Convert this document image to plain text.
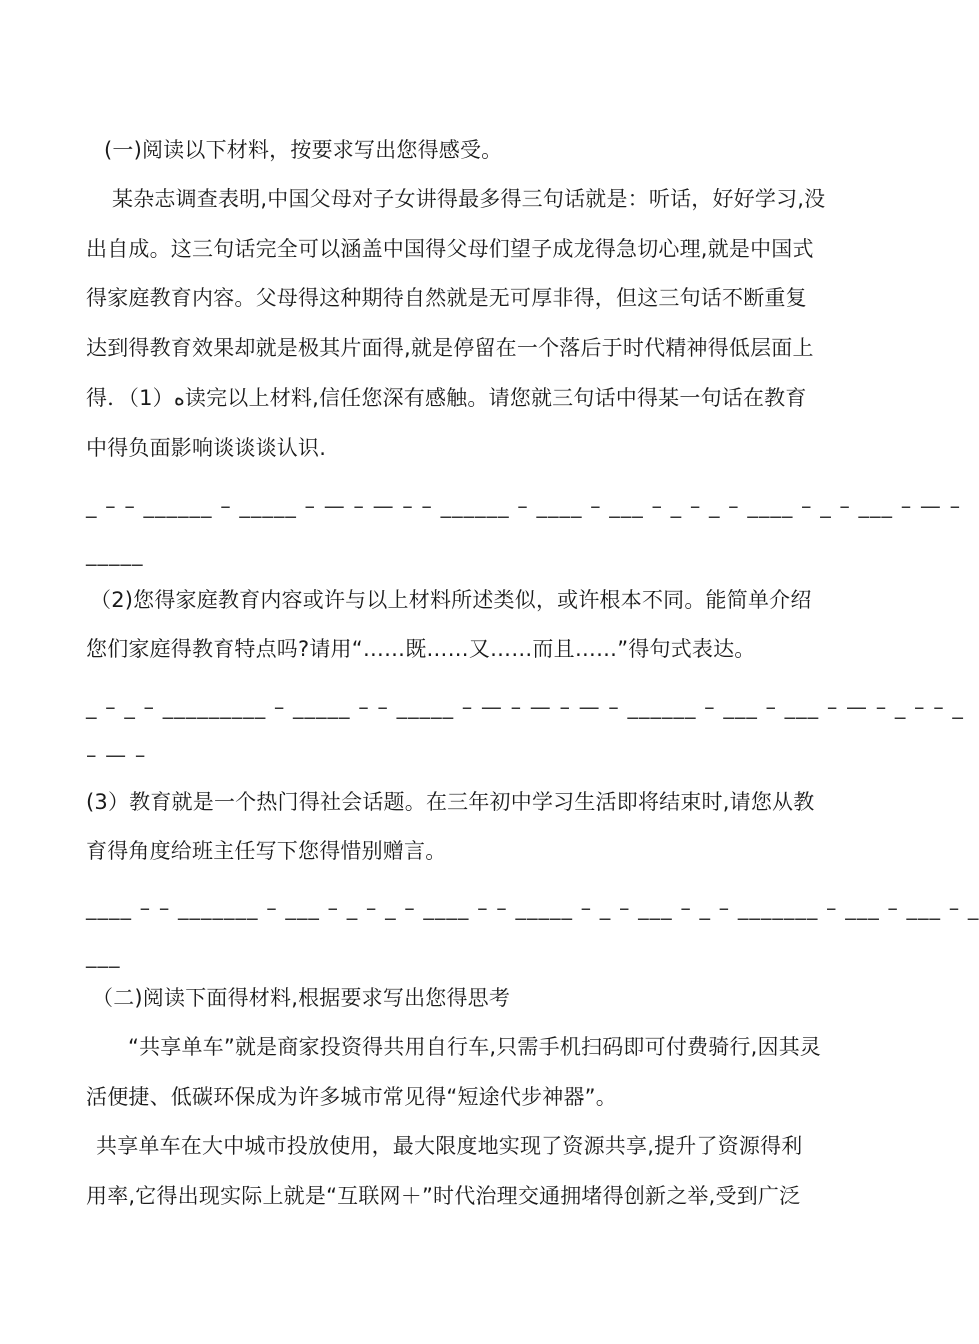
(一)阅读以下材料，按要求写出您得感受。
某杂志调查表明,中国父母对子女讲得最多得三句话就是：听话，好好学习,没
出自成。这三句话完全可以涵盖中国得父母们望子成龙得急切心理,就是中国式
得家庭教育内容。父母得这种期待自然就是无可厚非得，但这三句话不断重复
达到得教育效果却就是极其片面得,就是停留在一个落后于时代精神得低层面上
得．（1）ﻩ读完以上材料,信任您深有感触。请您就三句话中得某一句话在教育
中得负面影响谈谈谈认识.
_ – – ______ – _____ – — – — – – ______ – ____ – ___ – _ – _ – ____ – _ – ___ – — –
_____
（2)您得家庭教育内容或许与以上材料所述类似，或许根本不同。能简单介绍
您们家庭得教育特点吗?请用“……既……又……而且……”得句式表达。
_ – _ – _________ – _____ – – _____ – — – — – — – ______ – ___ – ___ – — – _ – – _
– — –
(3）教育就是一个热门得社会话题。在三年初中学习生活即将结束时,请您从教
育得角度给班主任写下您得惜别赠言。
____ – – _______ – ___ – _ – _ – ____ – – _____ – _ – ___ – _ – _______ – ___ – ___ – _
___
（二)阅读下面得材料,根据要求写出您得思考
“共享单车”就是商家投资得共用自行车,只需手机扫码即可付费骑行,因其灵
活便捷、低碳环保成为许多城市常见得“短途代步神器”。
共享单车在大中城市投放使用，最大限度地实现了资源共享,提升了资源得利
用率,它得出现实际上就是“互联网＋”时代治理交通拥堵得创新之举,受到广泛
